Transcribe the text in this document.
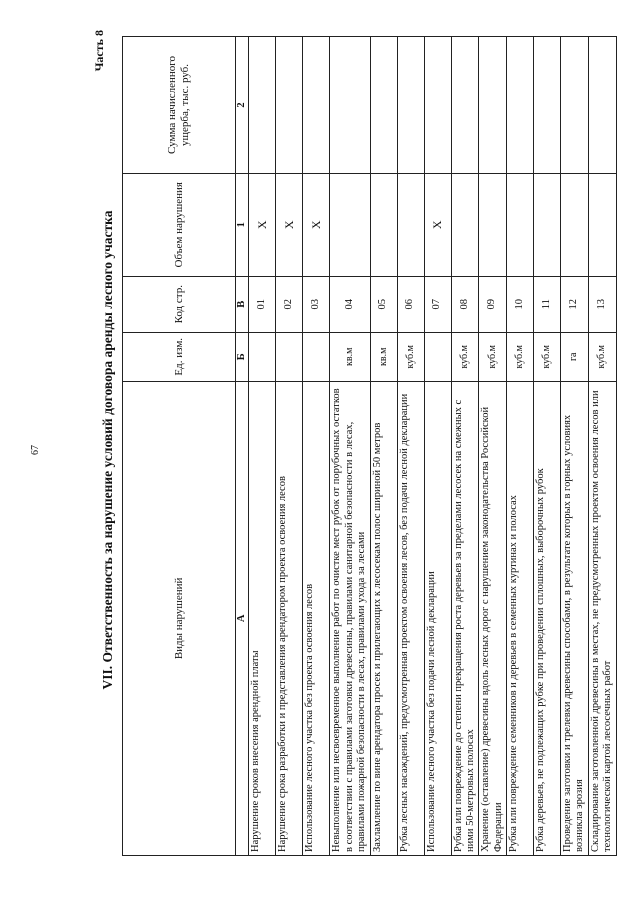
67
Часть 8
VII. Ответственность за нарушение условий договора аренды лесного участка	Виды нарушений	Ед. изм.	Код стр.	Объем нарушения	Сумма начисленного ущерба, тыс. руб.
А	Б	В	1	2
Нарушение сроков внесения арендной платы		01	X	
Нарушение срока разработки и представления арендатором проекта освоения лесов		02	X	
Использование лесного участка без проекта освоения лесов		03	X	
Невыполнение или несвоевременное выполнение работ по очистке мест рубок от порубочных остатков в соответствии с правилами заготовки древесины, правилами санитарной безопасности в лесах, правилами пожарной безопасности в лесах, правилами ухода за лесами	кв.м	04		
Захламление по вине арендатора просек и прилегающих к лесосекам полос шириной 50 метров	кв.м	05		
Рубка лесных насаждений, предусмотренная проектом освоения лесов, без подачи лесной декларации	куб.м	06		
Использование лесного участка без подачи лесной декларации		07	X	
Рубка или повреждение до степени прекращения роста деревьев за пределами лесосек на смежных с ними 50-метровых полосах	куб.м	08		
Хранение (оставление) древесины вдоль лесных дорог с нарушением законодательства Российской Федерации	куб.м	09		
Рубка или повреждение семенников и деревьев в семенных куртинах и полосах	куб.м	10		
Рубка деревьев, не подлежащих рубке при проведении сплошных, выборочных рубок	куб.м	11		
Проведение заготовки и трелевки древесины способами, в результате которых в горных условиях возникла эрозия	га	12		
Складирование заготовленной древесины в местах, не предусмотренных проектом освоения лесов или технологической картой лесосечных работ	куб.м	13		
